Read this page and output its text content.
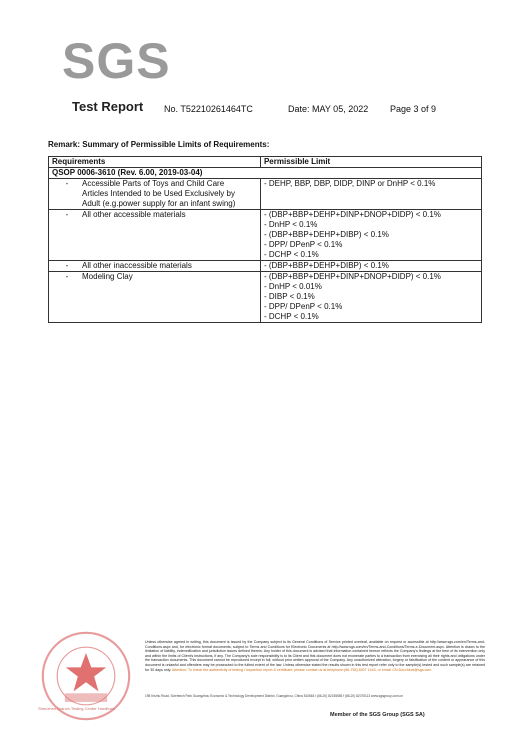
SGS
Test Report No. T52210261464TC	Date: MAY 05, 2022 Page 3 of 9
Remark: Summary of Permissible Limits of Requirements:
Requirements	Permissible Limit
QSOP 0006-3610 (Rev. 6.00, 2019-03-04)	
- Accessible Parts of Toys and Child Care Articles Intended to be Used Exclusively by Adult (e.g.power supply for an infant swing)	- DEHP, BBP, DBP, DIDP, DINP or DnHP < 0.1%

- All other accessible materials	- (DBP+BBP+DEHP+DINP+DNOP+DIDP) < 0.1%
- DnHP < 0.1%
- (DBP+BBP+DEHP+DIBP) < 0.1%
- DPP/ DPenP < 0.1%
- DCHP < 0.1%

- All other inaccessible materials	- (DBP+BBP+DEHP+DIBP) < 0.1%

- Modeling Clay	- (DBP+BBP+DEHP+DINP+DNOP+DIDP) < 0.1%
- DnHP < 0.01%
- DIBP < 0.1%
- DPP/ DPenP < 0.1%
- DCHP < 0.1%
Shenzhen Branch Testing Center Hardlines
Unless otherwise agreed in writing, this document is issued by the Company subject to its General Conditions of Service printed overleaf, available on request or accessible at http://www.sgs.com/en/Terms-and-Conditions.aspx and, for electronic format documents, subject to Terms and Conditions for Electronic Documents at http://www.sgs.com/en/Terms-and-Conditions/Terms-e-Document.aspx. Attention is drawn to the limitation of liability, indemnification and jurisdiction issues defined therein. Any holder of this document is advised that information contained hereon reflects the Company's findings at the time of its intervention only and within the limits of Client's instructions, if any. The Company's sole responsibility is to its Client and this document does not exonerate parties to a transaction from exercising all their rights and obligations under the transaction documents. This document cannot be reproduced except in full, without prior written approval of the Company. Any unauthorized alteration, forgery or falsification of the content or appearance of this document is unlawful and offenders may be prosecuted to the fullest extent of the law. Unless otherwise stated the results shown in this test report refer only to the sample(s) tested and such sample(s) are retained for 30 days only. Attention: To check the authenticity of testing / inspection report & certificate, please contact us at telephone:(86-755) 8307 1443, or email: CN.Doccheck@sgs.com
198 Kezhu Road, Scientech Park Guangzhou Economic & Technology Development District, Guangzhou, China 510663 t (86-20) 82155555 f (86-20) 82075113 www.sgsgroup.com.cn
Member of the SGS Group (SGS SA)
